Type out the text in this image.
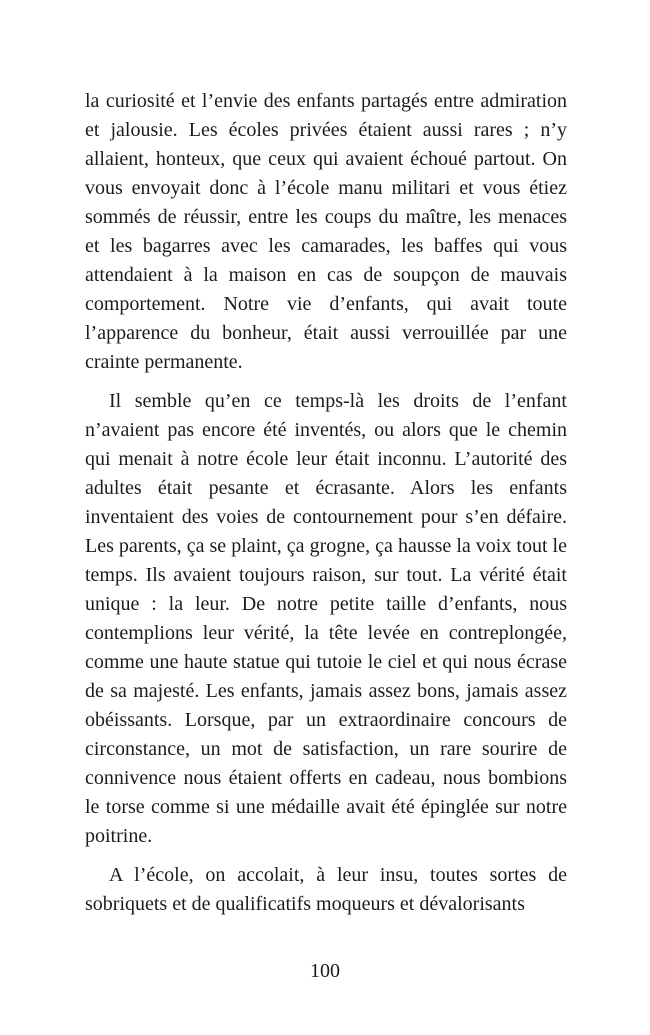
la curiosité et l’envie des enfants partagés entre admiration et jalousie. Les écoles privées étaient aussi rares ; n’y allaient, honteux, que ceux qui avaient échoué partout. On vous envoyait donc à l’école manu militari et vous étiez sommés de réussir, entre les coups du maître, les menaces et les bagarres avec les camarades, les baffes qui vous attendaient à la maison en cas de soupçon de mauvais comportement. Notre vie d’enfants, qui avait toute l’apparence du bonheur, était aussi verrouillée par une crainte permanente.

Il semble qu’en ce temps-là les droits de l’enfant n’avaient pas encore été inventés, ou alors que le chemin qui menait à notre école leur était inconnu. L’autorité des adultes était pesante et écrasante. Alors les enfants inventaient des voies de contournement pour s’en défaire. Les parents, ça se plaint, ça grogne, ça hausse la voix tout le temps. Ils avaient toujours raison, sur tout. La vérité était unique : la leur. De notre petite taille d’enfants, nous contemplions leur vérité, la tête levée en contreplongée, comme une haute statue qui tutoie le ciel et qui nous écrase de sa majesté. Les enfants, jamais assez bons, jamais assez obéissants. Lorsque, par un extraordinaire concours de circonstance, un mot de satisfaction, un rare sourire de connivence nous étaient offerts en cadeau, nous bombions le torse comme si une médaille avait été épinglée sur notre poitrine.

A l’école, on accolait, à leur insu, toutes sortes de sobriquets et de qualificatifs moqueurs et dévalorisants

100
